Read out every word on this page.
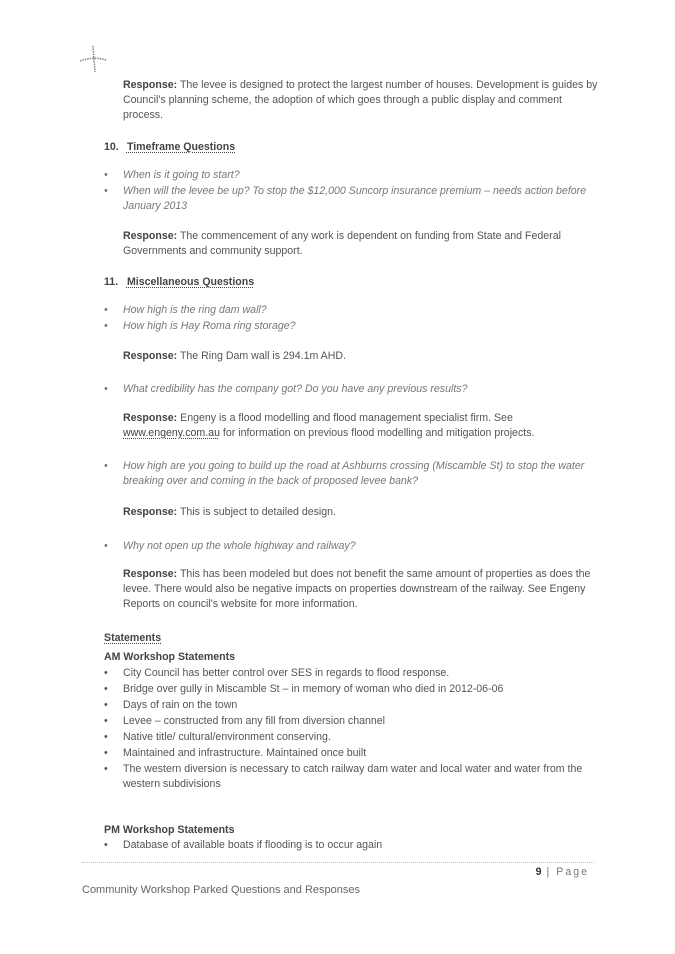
Response: The levee is designed to protect the largest number of houses. Development is guides by Council's planning scheme, the adoption of which goes through a public display and comment process.
10. Timeframe Questions
•	When is it going to start?
•	When will the levee be up? To stop the $12,000 Suncorp insurance premium – needs action before January 2013
Response: The commencement of any work is dependent on funding from State and Federal Governments and community support.
11. Miscellaneous Questions
•	How high is the ring dam wall?
•	How high is Hay Roma ring storage?
Response: The Ring Dam wall is 294.1m AHD.
•	What credibility has the company got? Do you have any previous results?
Response: Engeny is a flood modelling and flood management specialist firm. See www.engeny.com.au for information on previous flood modelling and mitigation projects.
•	How high are you going to build up the road at Ashburns crossing (Miscamble St) to stop the water breaking over and coming in the back of proposed levee bank?
Response: This is subject to detailed design.
•	Why not open up the whole highway and railway?
Response: This has been modeled but does not benefit the same amount of properties as does the levee. There would also be negative impacts on properties downstream of the railway. See Engeny Reports on council's website for more information.
Statements
AM Workshop Statements
•	City Council has better control over SES in regards to flood response.
•	Bridge over gully in Miscamble St – in memory of woman who died in 2012-06-06
•	Days of rain on the town
•	Levee – constructed from any fill from diversion channel
•	Native title/ cultural/environment conserving.
•	Maintained and infrastructure. Maintained once built
•	The western diversion is necessary to catch railway dam water and local water and water from the western subdivisions
PM Workshop Statements
•	Database of available boats if flooding is to occur again
9 | Page
Community Workshop Parked Questions and Responses
